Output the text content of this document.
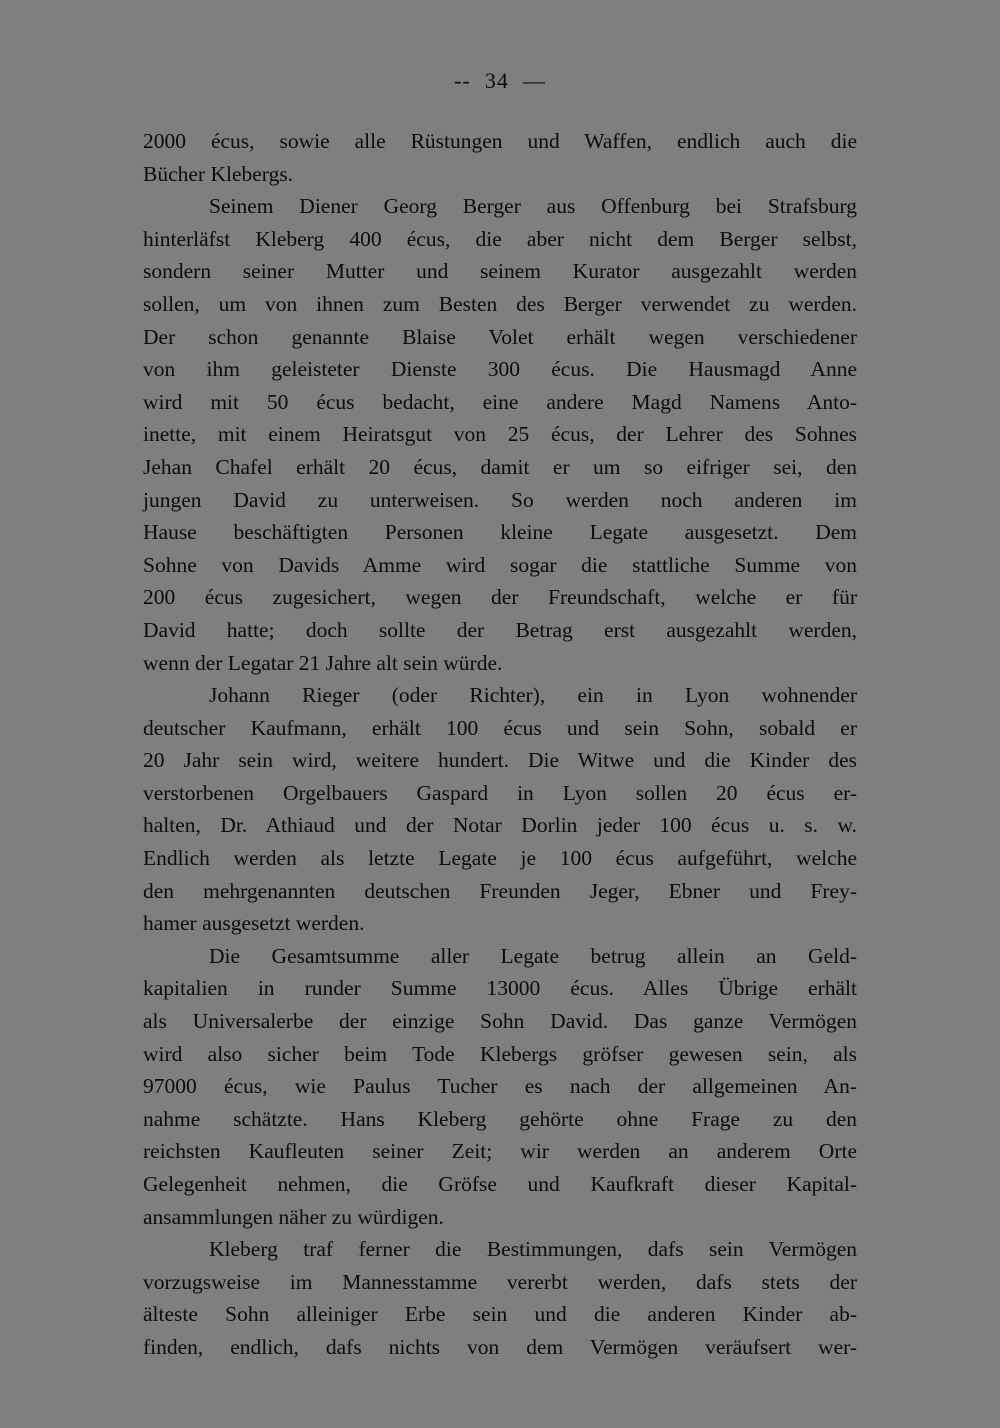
-- 34 —

2000 écus, sowie alle Rüstungen und Waffen, endlich auch die
Bücher Klebergs.

Seinem Diener Georg Berger aus Offenburg bei Strafsburg
hinterläfst Kleberg 400 écus, die aber nicht dem Berger selbst,
sondern seiner Mutter und seinem Kurator ausgezahlt werden
sollen, um von ihnen zum Besten des Berger verwendet zu werden.
Der schon genannte Blaise Volet erhält wegen verschiedener
von ihm geleisteter Dienste 300 écus. Die Hausmagd Anne
wird mit 50 écus bedacht, eine andere Magd Namens Anto-
inette, mit einem Heiratsgut von 25 écus, der Lehrer des Sohnes
Jehan Chafel erhält 20 écus, damit er um so eifriger sei, den
jungen David zu unterweisen. So werden noch anderen im
Hause beschäftigten Personen kleine Legate ausgesetzt. Dem
Sohne von Davids Amme wird sogar die stattliche Summe von
200 écus zugesichert, wegen der Freundschaft, welche er für
David hatte; doch sollte der Betrag erst ausgezahlt werden,
wenn der Legatar 21 Jahre alt sein würde.

Johann Rieger (oder Richter), ein in Lyon wohnender
deutscher Kaufmann, erhält 100 écus und sein Sohn, sobald er
20 Jahr sein wird, weitere hundert. Die Witwe und die Kinder des
verstorbenen Orgelbauers Gaspard in Lyon sollen 20 écus er-
halten, Dr. Athiaud und der Notar Dorlin jeder 100 écus u. s. w.
Endlich werden als letzte Legate je 100 écus aufgeführt, welche
den mehrgenannten deutschen Freunden Jeger, Ebner und Frey-
hamer ausgesetzt werden.

Die Gesamtsumme aller Legate betrug allein an Geld-
kapitalien in runder Summe 13000 écus. Alles Übrige erhält
als Universalerbe der einzige Sohn David. Das ganze Vermögen
wird also sicher beim Tode Klebergs gröfser gewesen sein, als
97000 écus, wie Paulus Tucher es nach der allgemeinen An-
nahme schätzte. Hans Kleberg gehörte ohne Frage zu den
reichsten Kaufleuten seiner Zeit; wir werden an anderem Orte
Gelegenheit nehmen, die Gröfse und Kaufkraft dieser Kapital-
ansammlungen näher zu würdigen.

Kleberg traf ferner die Bestimmungen, dafs sein Vermögen
vorzugsweise im Mannesstamme vererbt werden, dafs stets der
älteste Sohn alleiniger Erbe sein und die anderen Kinder ab-
finden, endlich, dafs nichts von dem Vermögen veräufsert wer-
